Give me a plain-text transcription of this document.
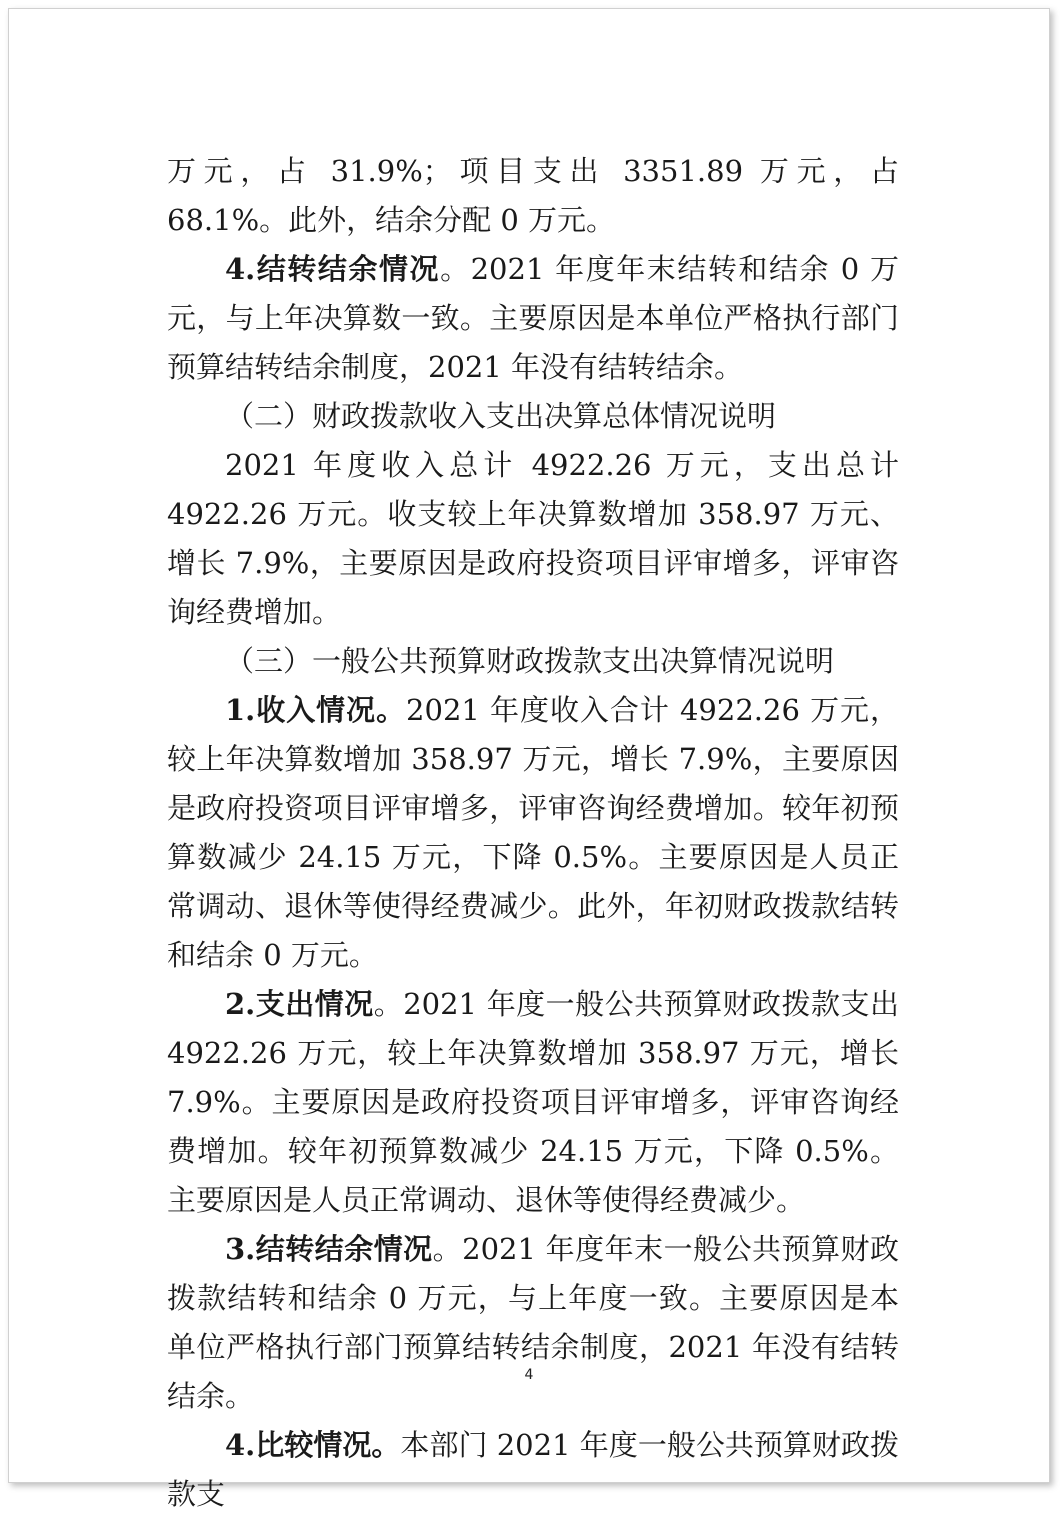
万元，占 31.9%；项目支出 3351.89 万元，占 68.1%。此外，结余分配 0 万元。

4.结转结余情况。2021 年度年末结转和结余 0 万元，与上年决算数一致。主要原因是本单位严格执行部门预算结转结余制度，2021 年没有结转结余。

（二）财政拨款收入支出决算总体情况说明

2021 年度收入总计 4922.26 万元，支出总计 4922.26 万元。收支较上年决算数增加 358.97 万元、增长 7.9%，主要原因是政府投资项目评审增多，评审咨询经费增加。

（三）一般公共预算财政拨款支出决算情况说明

1.收入情况。2021 年度收入合计 4922.26 万元，较上年决算数增加 358.97 万元，增长 7.9%，主要原因是政府投资项目评审增多，评审咨询经费增加。较年初预算数减少 24.15 万元，下降 0.5%。主要原因是人员正常调动、退休等使得经费减少。此外，年初财政拨款结转和结余 0 万元。

2.支出情况。2021 年度一般公共预算财政拨款支出 4922.26 万元，较上年决算数增加 358.97 万元，增长 7.9%。主要原因是政府投资项目评审增多，评审咨询经费增加。较年初预算数减少 24.15 万元，下降 0.5%。主要原因是人员正常调动、退休等使得经费减少。

3.结转结余情况。2021 年度年末一般公共预算财政拨款结转和结余 0 万元，与上年度一致。主要原因是本单位严格执行部门预算结转结余制度，2021 年没有结转结余。

4.比较情况。本部门 2021 年度一般公共预算财政拨款支

4
